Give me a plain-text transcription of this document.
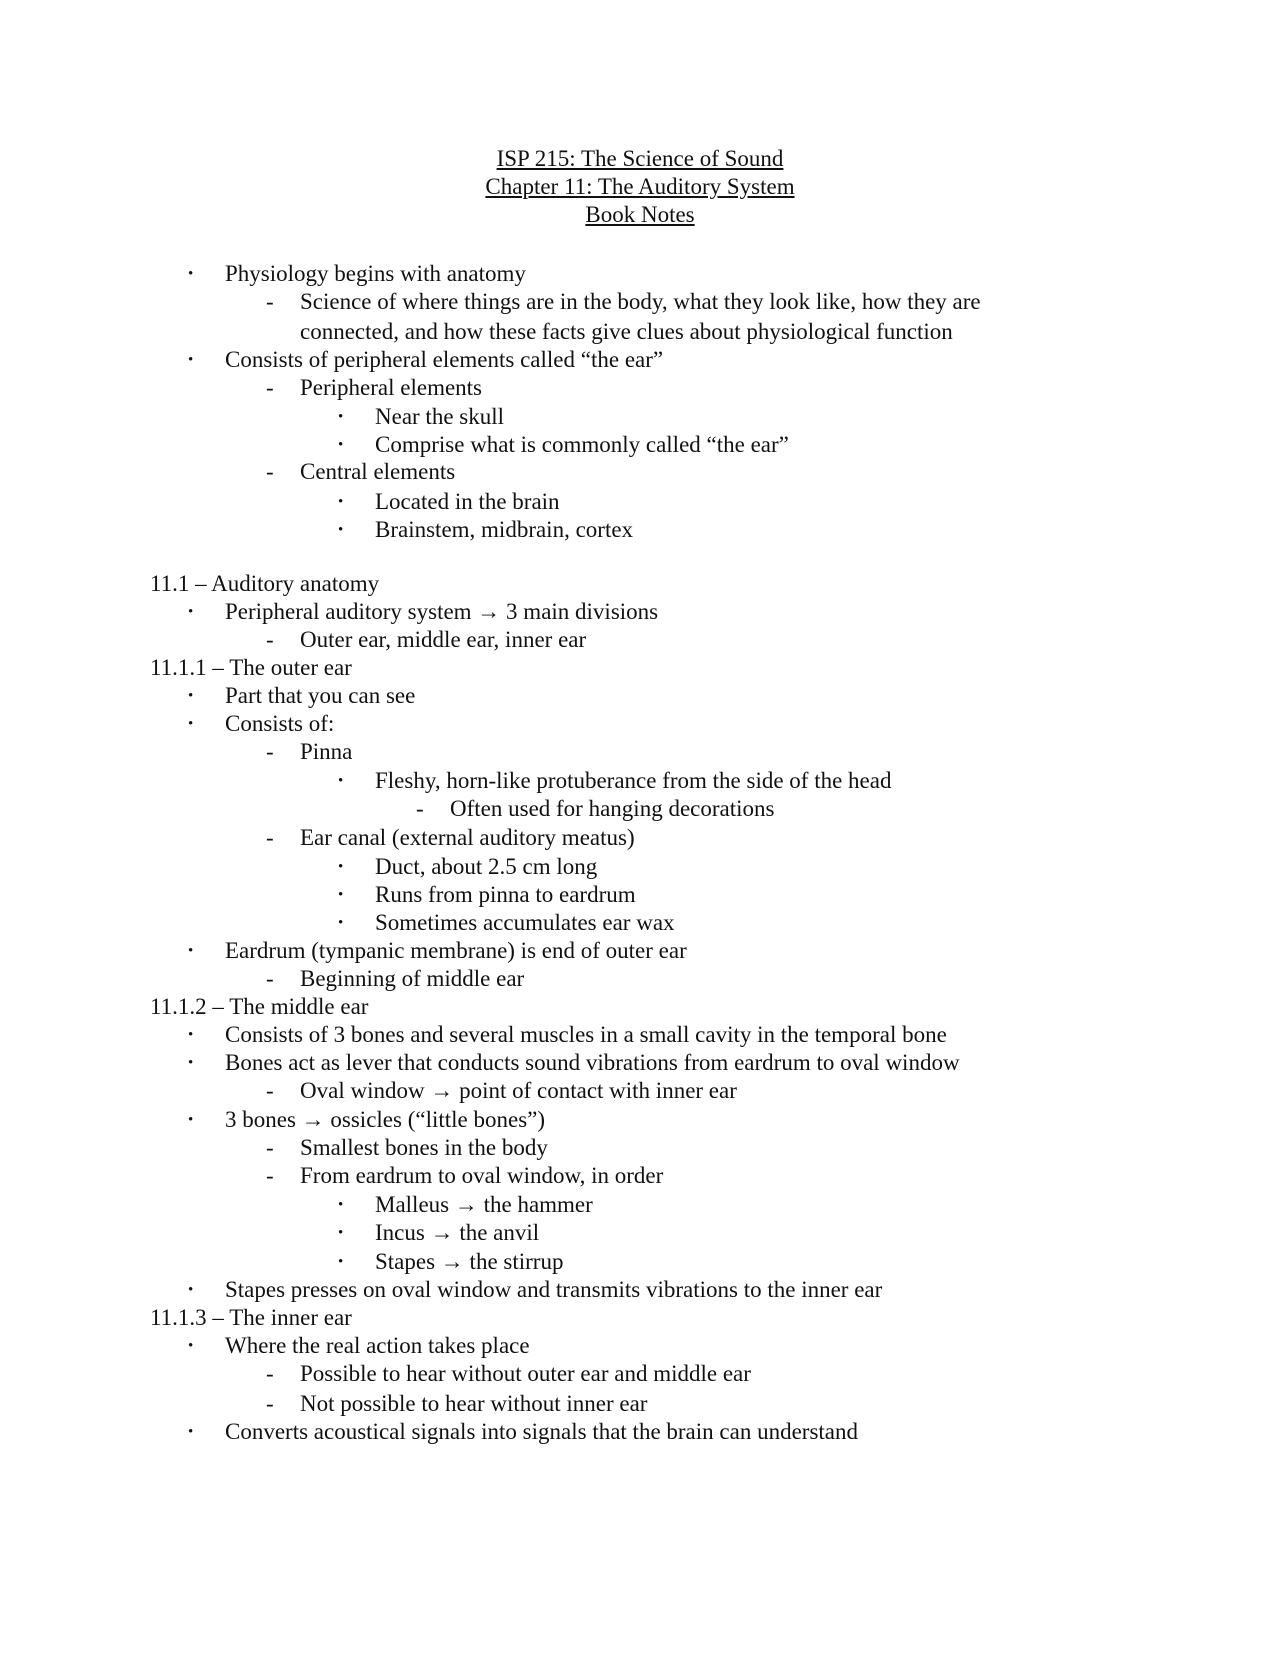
ISP 215: The Science of Sound
Chapter 11: The Auditory System
Book Notes
• Physiology begins with anatomy
- Science of where things are in the body, what they look like, how they are
connected, and how these facts give clues about physiological function
• Consists of peripheral elements called “the ear”
- Peripheral elements
• Near the skull
• Comprise what is commonly called “the ear”
- Central elements
• Located in the brain
• Brainstem, midbrain, cortex
11.1 – Auditory anatomy
• Peripheral auditory system → 3 main divisions
- Outer ear, middle ear, inner ear
11.1.1 – The outer ear
• Part that you can see
• Consists of:
- Pinna
• Fleshy, horn-like protuberance from the side of the head
- Often used for hanging decorations
- Ear canal (external auditory meatus)
• Duct, about 2.5 cm long
• Runs from pinna to eardrum
• Sometimes accumulates ear wax
• Eardrum (tympanic membrane) is end of outer ear
- Beginning of middle ear
11.1.2 – The middle ear
• Consists of 3 bones and several muscles in a small cavity in the temporal bone
• Bones act as lever that conducts sound vibrations from eardrum to oval window
- Oval window → point of contact with inner ear
• 3 bones → ossicles (“little bones”)
- Smallest bones in the body
- From eardrum to oval window, in order
• Malleus → the hammer
• Incus → the anvil
• Stapes → the stirrup
• Stapes presses on oval window and transmits vibrations to the inner ear
11.1.3 – The inner ear
• Where the real action takes place
- Possible to hear without outer ear and middle ear
- Not possible to hear without inner ear
• Converts acoustical signals into signals that the brain can understand
